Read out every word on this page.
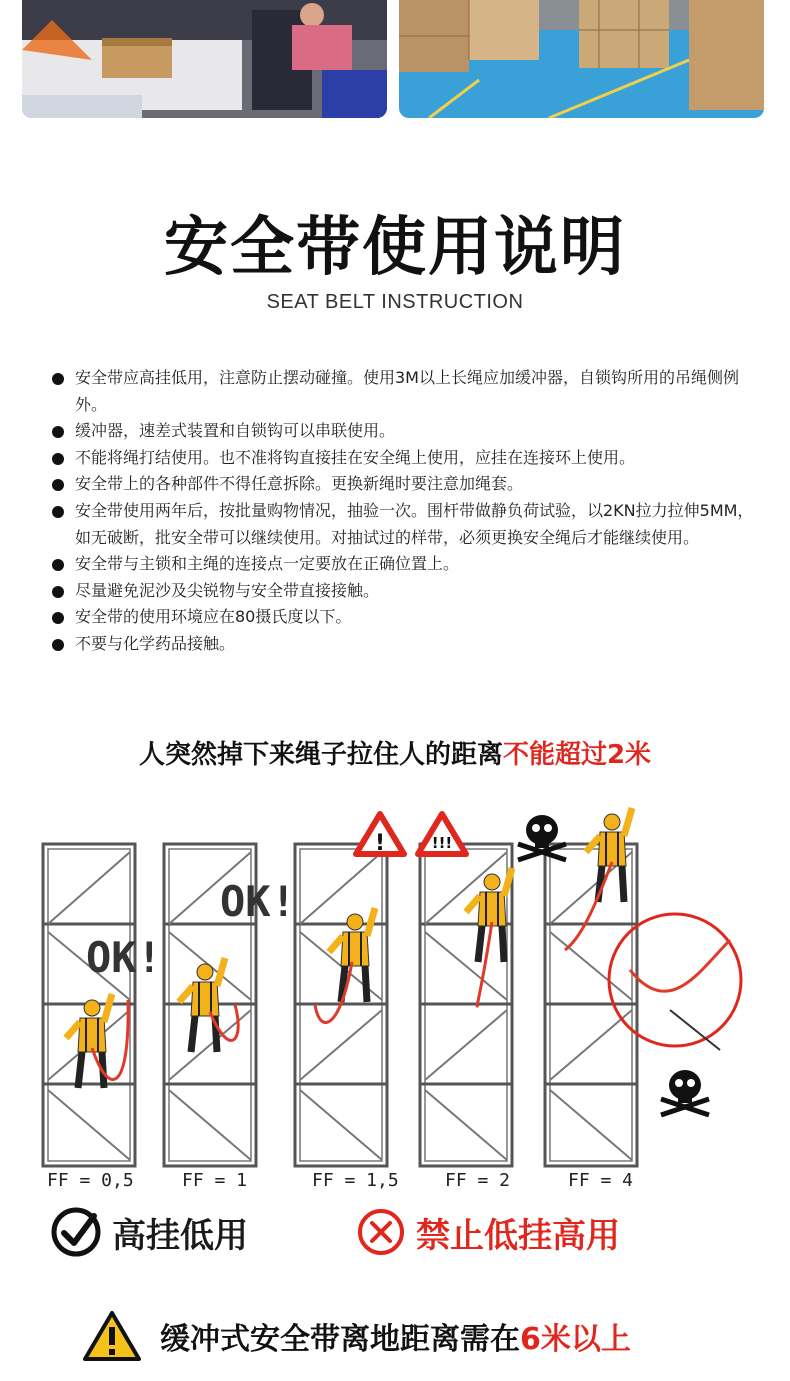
安全带使用说明
SEAT BELT INSTRUCTION
安全带应高挂低用，注意防止摆动碰撞。使用3M以上长绳应加缓冲器，自锁钩所用的吊绳侧例外。
缓冲器，速差式装置和自锁钩可以串联使用。
不能将绳打结使用。也不准将钩直接挂在安全绳上使用，应挂在连接环上使用。
安全带上的各种部件不得任意拆除。更换新绳时要注意加绳套。
安全带使用两年后，按批量购物情况，抽验一次。围杆带做静负荷试验，以2KN拉力拉伸5MM，如无破断，批安全带可以继续使用。对抽试过的样带，必须更换安全绳后才能继续使用。
安全带与主锁和主绳的连接点一定要放在正确位置上。
尽量避免泥沙及尖锐物与安全带直接接触。
安全带的使用环境应在80摄氏度以下。
不要与化学药品接触。
人突然掉下来绳子拉住人的距离不能超过2米
OK!
OK!
!	!!!
FF = 0,5	FF = 1	FF = 1,5	FF = 2	FF = 4
高挂低用	禁止低挂高用
缓冲式安全带离地距离需在6米以上
